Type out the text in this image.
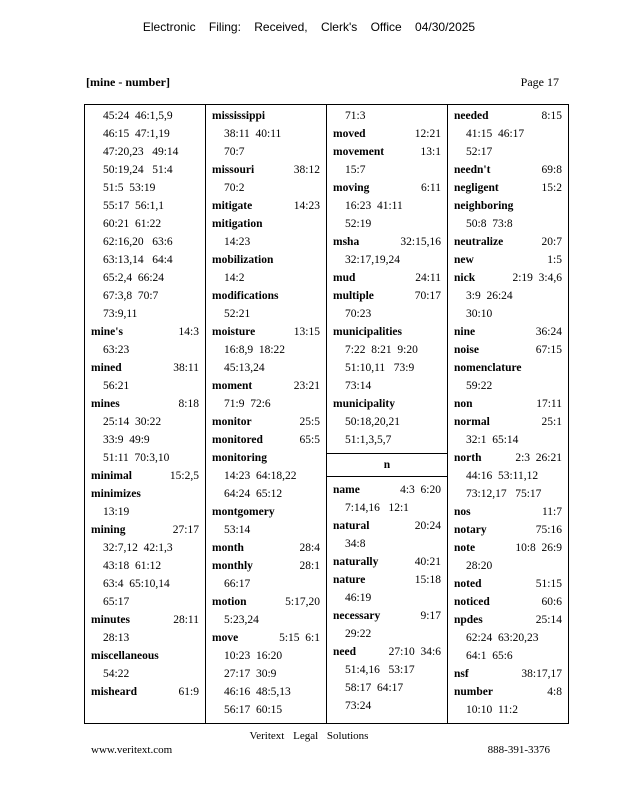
Electronic Filing: Received, Clerk's Office 04/30/2025
[mine - number]	Page 17
45:24  46:1,5,9
46:15  47:1,19
47:20,23   49:14
50:19,24   51:4
51:5  53:19
55:17  56:1,1
60:21  61:22
62:16,20   63:6
63:13,14   64:4
65:2,4  66:24
67:3,8  70:7
73:9,11
mine's	14:3
63:23
mined	38:11
56:21
mines	8:18
25:14  30:22
33:9  49:9
51:11  70:3,10
minimal	15:2,5
minimizes
13:19
mining	27:17
32:7,12  42:1,3
43:18  61:12
63:4  65:10,14
65:17
minutes	28:11
28:13
miscellaneous
54:22
misheard	61:9
mississippi
38:11  40:11
70:7
missouri	38:12
70:2
mitigate	14:23
mitigation
14:23
mobilization
14:2
modifications
52:21
moisture	13:15
16:8,9  18:22
45:13,24
moment	23:21
71:9  72:6
monitor	25:5
monitored	65:5
monitoring
14:23  64:18,22
64:24  65:12
montgomery
53:14
month	28:4
monthly	28:1
66:17
motion	5:17,20
5:23,24
move	5:15  6:1
10:23  16:20
27:17  30:9
46:16  48:5,13
56:17  60:15
71:3
moved	12:21
movement	13:1
15:7
moving	6:11
16:23  41:11
52:19
msha	32:15,16
32:17,19,24
mud	24:11
multiple	70:17
70:23
municipalities
7:22  8:21  9:20
51:10,11   73:9
73:14
municipality
50:18,20,21
51:1,3,5,7
n
name	4:3  6:20
7:14,16   12:1
natural	20:24
34:8
naturally	40:21
nature	15:18
46:19
necessary	9:17
29:22
need	27:10  34:6
51:4,16   53:17
58:17  64:17
73:24
needed	8:15
41:15  46:17
52:17
needn't	69:8
negligent	15:2
neighboring
50:8  73:8
neutralize	20:7
new	1:5
nick	2:19  3:4,6
3:9  26:24
30:10
nine	36:24
noise	67:15
nomenclature
59:22
non	17:11
normal	25:1
32:1  65:14
north	2:3  26:21
44:16  53:11,12
73:12,17   75:17
nos	11:7
notary	75:16
note	10:8  26:9
28:20
noted	51:15
noticed	60:6
npdes	25:14
62:24  63:20,23
64:1  65:6
nsf	38:17,17
number	4:8
10:10  11:2
Veritext Legal Solutions
www.veritext.com	888-391-3376
